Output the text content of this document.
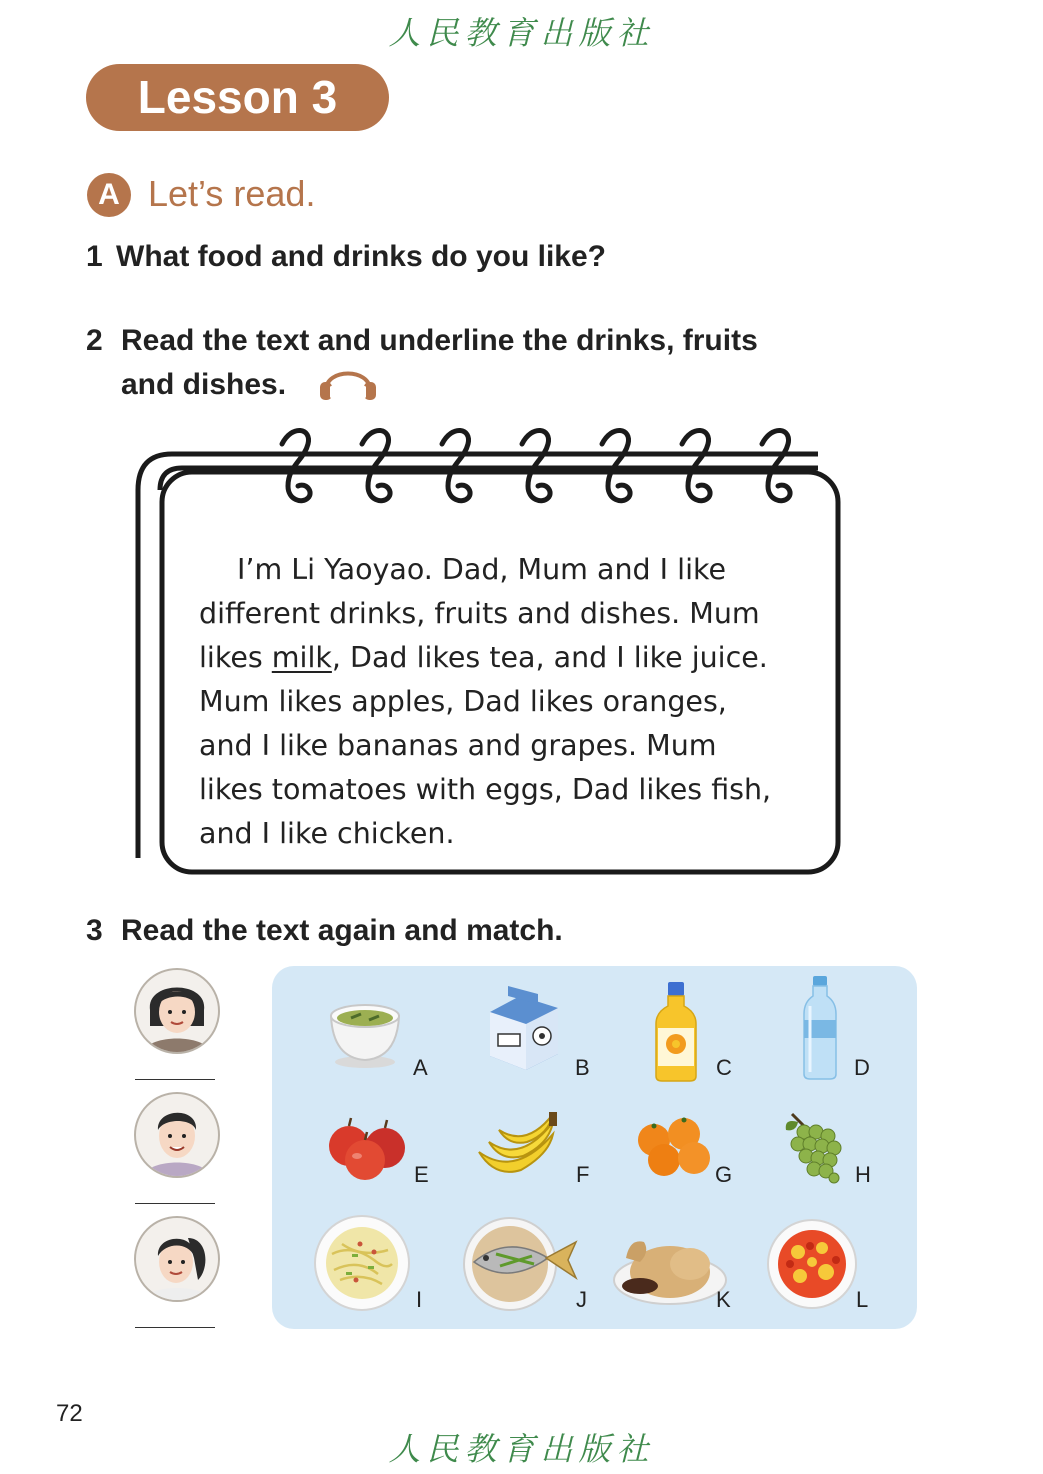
人民教育出版社
Lesson 3
A Let’s read.
1 What food and drinks do you like?
2 Read the text and underline the drinks, fruits
and dishes.

I’m Li Yaoyao. Dad, Mum and I like

different drinks, fruits and dishes. Mum

likes milk, Dad likes tea, and I like juice.

Mum likes apples, Dad likes oranges,

and I like bananas and grapes. Mum

likes tomatoes with eggs, Dad likes fish,

and I like chicken.

3 Read the text again and match.
A	B	C	D
E	F	G	H
I	J	K	L
72
人民教育出版社
